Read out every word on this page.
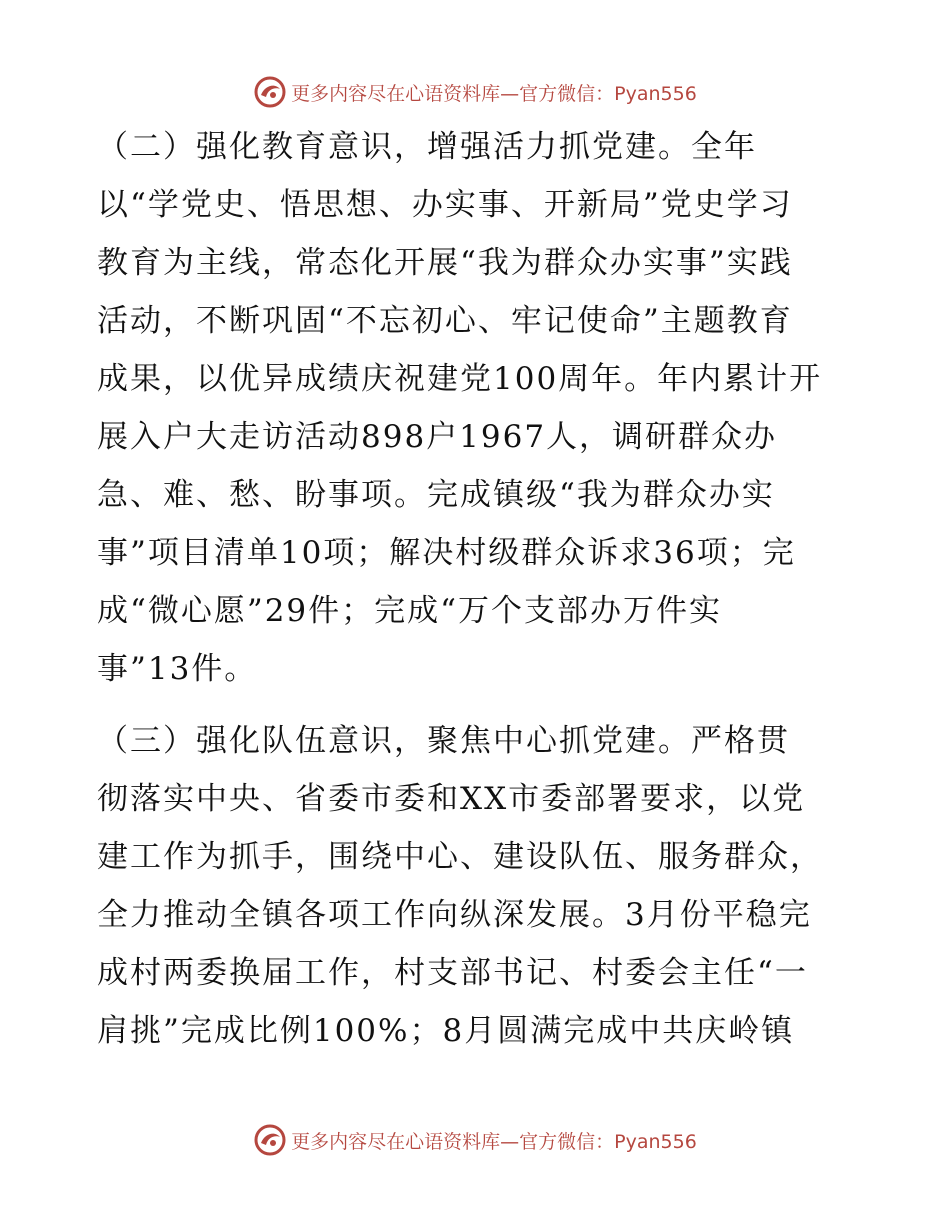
更多内容尽在心语资料库—官方微信：Pyan556
（二）强化教育意识，增强活力抓党建。全年
以“学党史、悟思想、办实事、开新局”党史学习
教育为主线，常态化开展“我为群众办实事”实践
活动，不断巩固“不忘初心、牢记使命”主题教育
成果，以优异成绩庆祝建党100周年。年内累计开
展入户大走访活动898户1967人，调研群众办
急、难、愁、盼事项。完成镇级“我为群众办实
事”项目清单10项；解决村级群众诉求36项；完
成“微心愿”29件；完成“万个支部办万件实
事”13件。
（三）强化队伍意识，聚焦中心抓党建。严格贯
彻落实中央、省委市委和XX市委部署要求，以党
建工作为抓手，围绕中心、建设队伍、服务群众，
全力推动全镇各项工作向纵深发展。3月份平稳完
成村两委换届工作，村支部书记、村委会主任“一
肩挑”完成比例100%；8月圆满完成中共庆岭镇
更多内容尽在心语资料库—官方微信：Pyan556
